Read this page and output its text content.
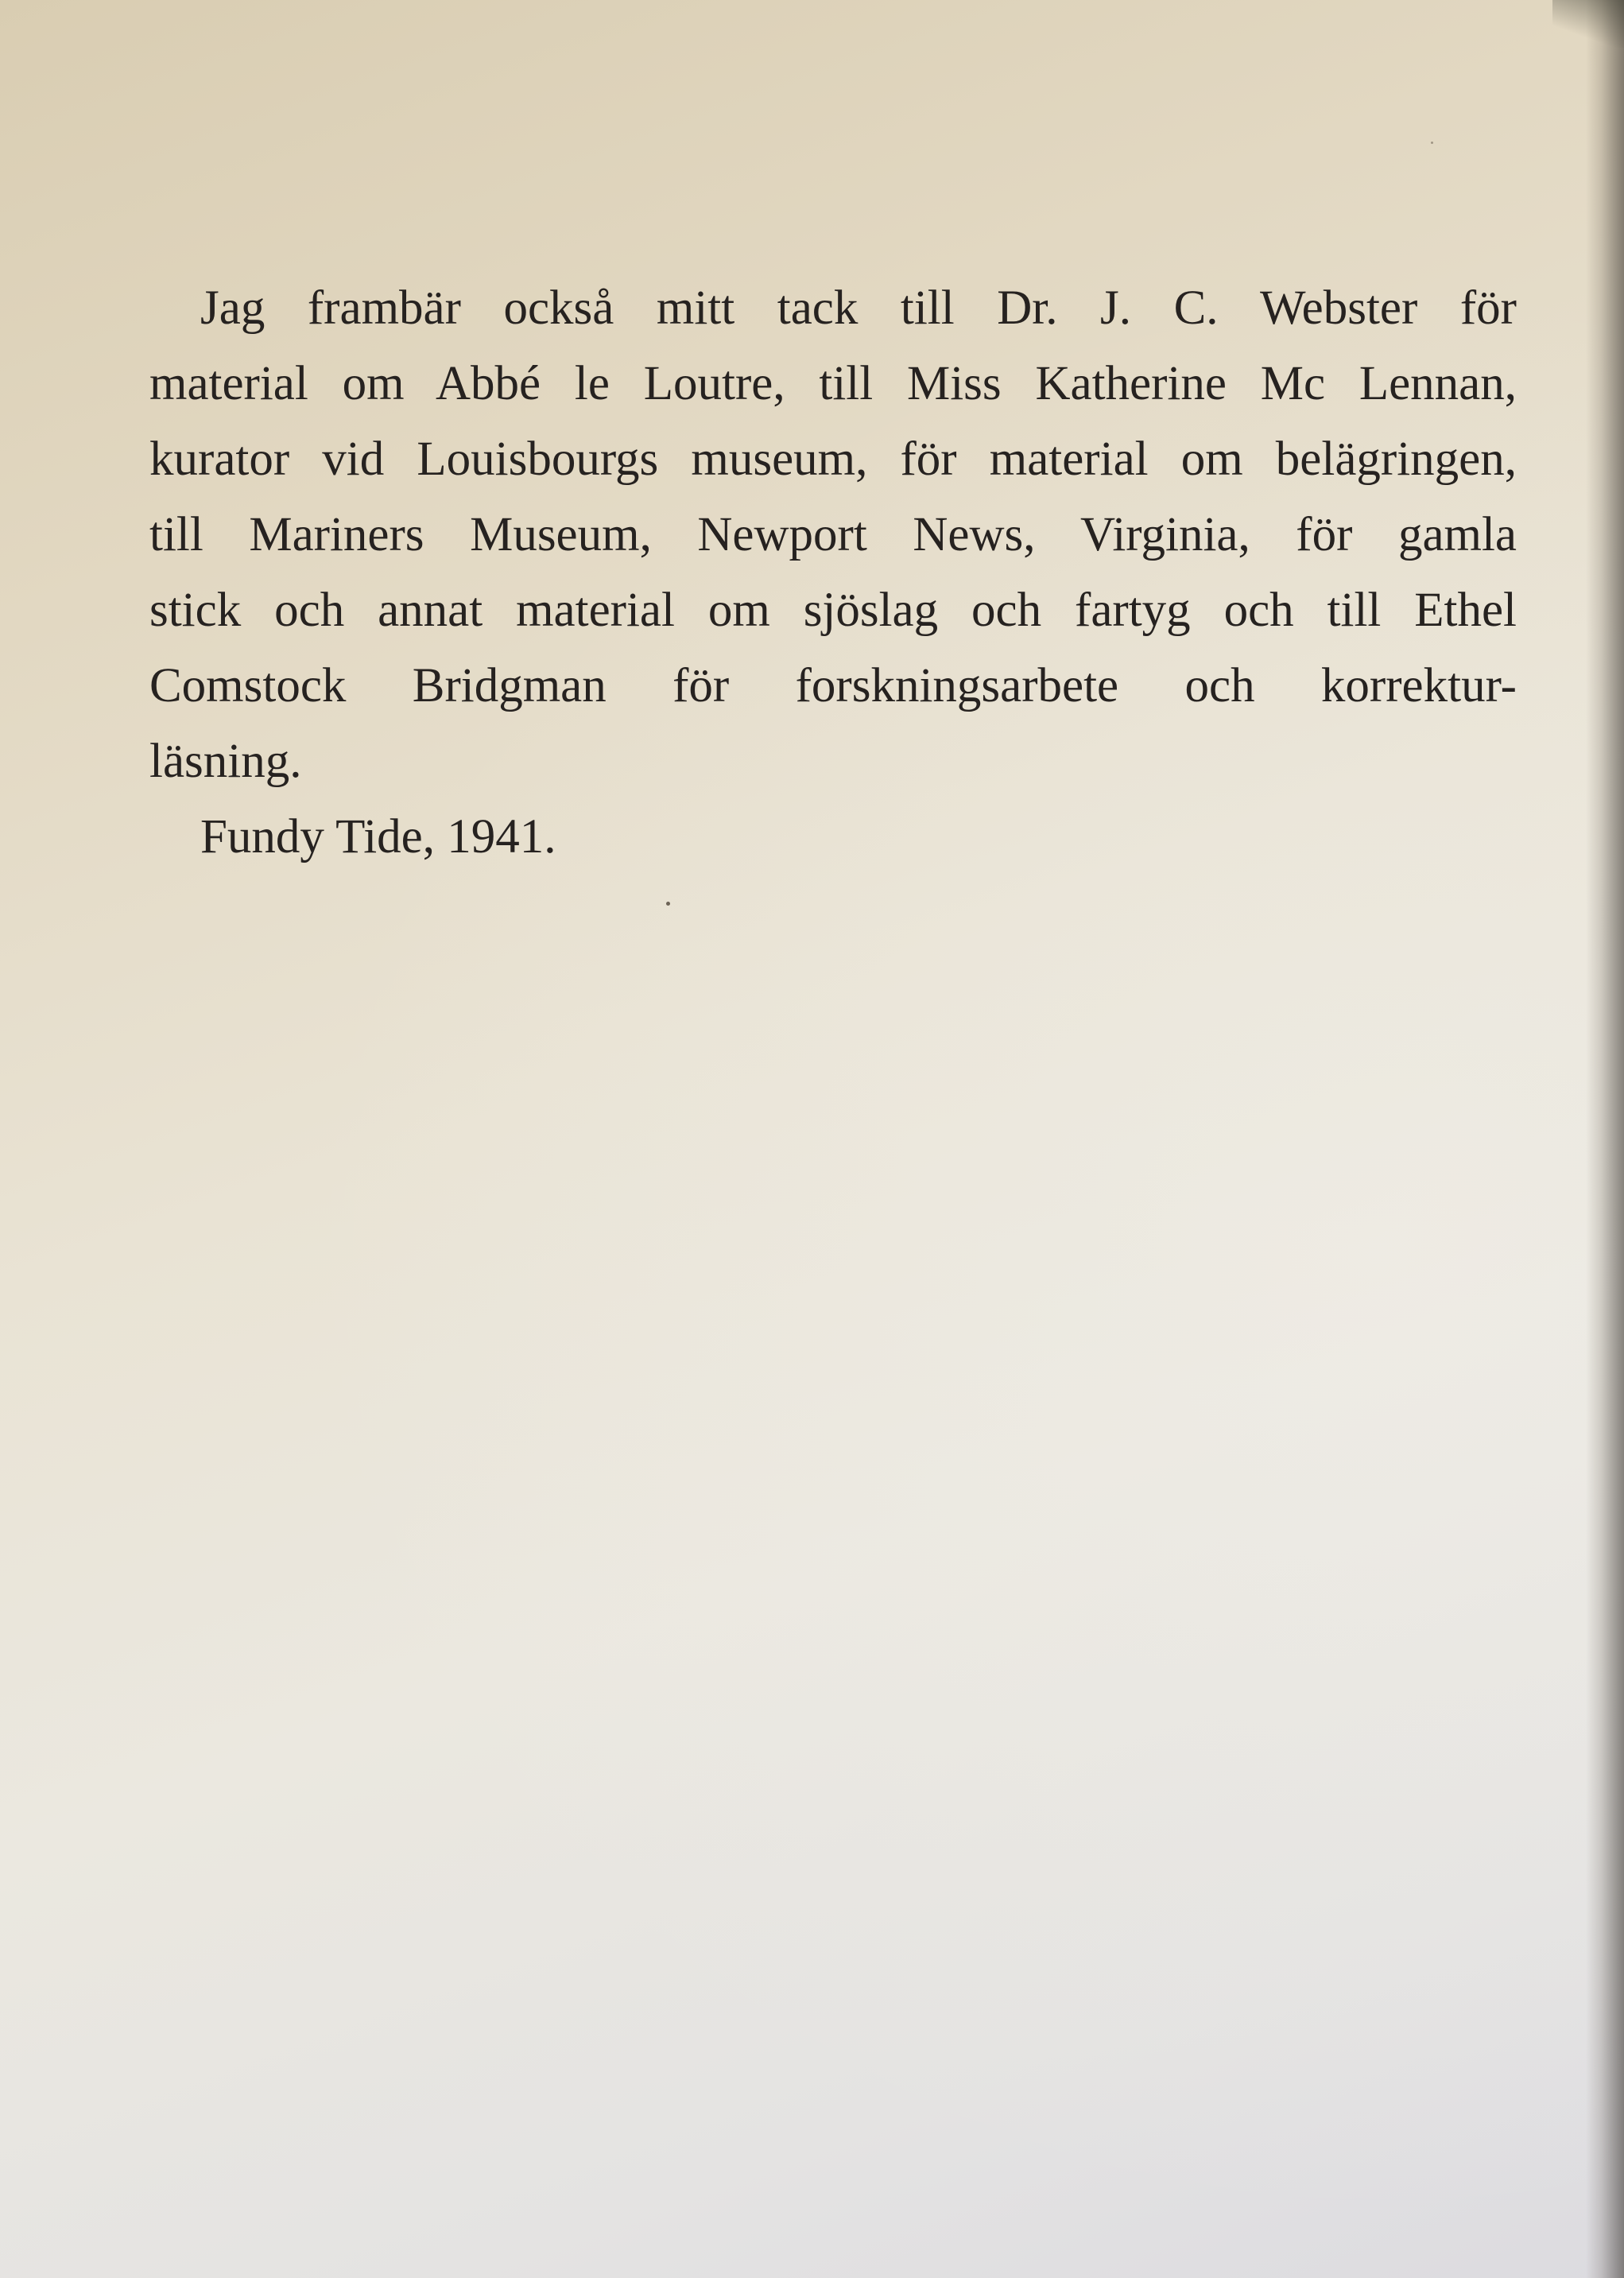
Jag frambär också mitt tack till Dr. J. C. Webster för
material om Abbé le Loutre, till Miss Katherine Mc Lennan,
kurator vid Louisbourgs museum, för material om belägringen,
till Mariners Museum, Newport News, Virginia, för gamla
stick och annat material om sjöslag och fartyg och till Ethel
Comstock Bridgman för forskningsarbete och korrektur-
läsning.

Fundy Tide, 1941.
